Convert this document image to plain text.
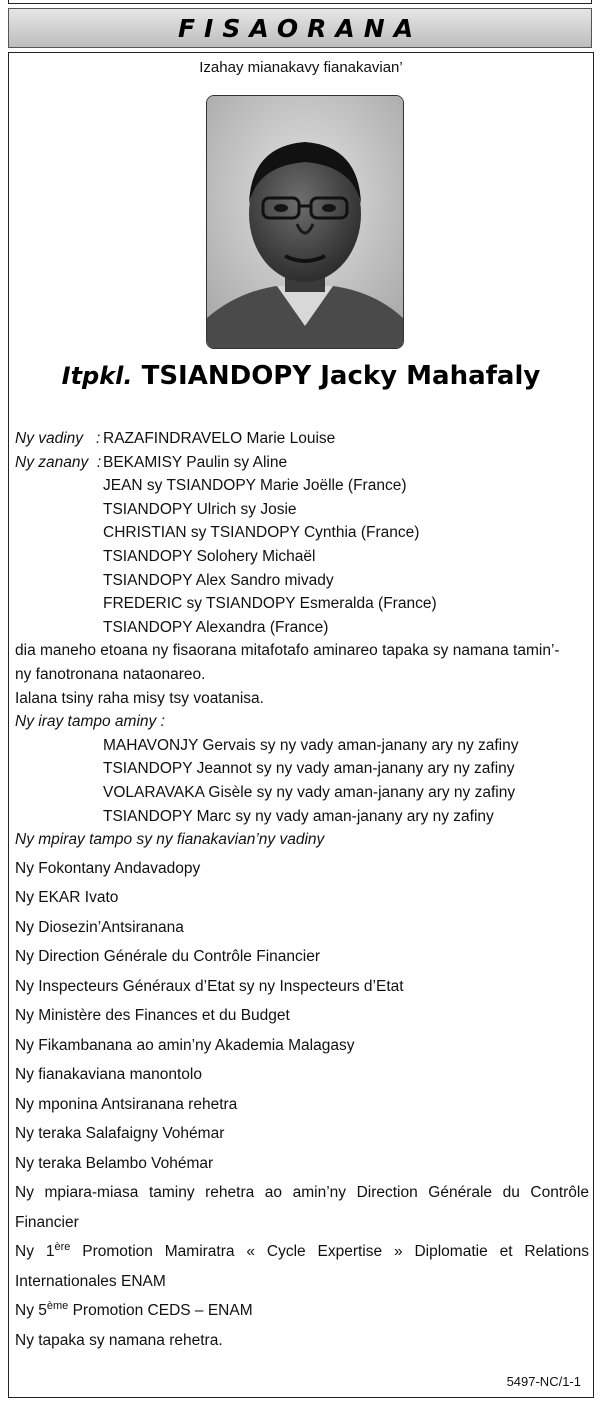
FISAORANA
Izahay mianakavy fianakavian’
Itpkl. TSIANDOPY Jacky Mahafaly
Ny vadiny   : RAZAFINDRAVELO Marie Louise
Ny zanany  : BEKAMISY Paulin sy Aline
JEAN sy TSIANDOPY Marie Joëlle (France)
TSIANDOPY Ulrich sy Josie
CHRISTIAN sy TSIANDOPY Cynthia (France)
TSIANDOPY Solohery Michaël
TSIANDOPY Alex Sandro mivady
FREDERIC sy TSIANDOPY Esmeralda (France)
TSIANDOPY Alexandra (France)
dia maneho etoana ny fisaorana mitafotafo aminareo tapaka sy namana tamin’-
ny fanotronana nataonareo.
Ialana tsiny raha misy tsy voatanisa.
Ny iray tampo aminy :
MAHAVONJY Gervais sy ny vady aman-janany ary ny zafiny
TSIANDOPY Jeannot sy ny vady aman-janany ary ny zafiny
VOLARAVAKA Gisèle sy ny vady aman-janany ary ny zafiny
TSIANDOPY Marc sy ny vady aman-janany ary ny zafiny
Ny mpiray tampo sy ny fianakavian’ny vadiny
Ny Fokontany Andavadopy
Ny EKAR Ivato
Ny Diosezin’Antsiranana
Ny Direction Générale du Contrôle Financier
Ny Inspecteurs Généraux d’Etat sy ny Inspecteurs d’Etat
Ny Ministère des Finances et du Budget
Ny Fikambanana ao amin’ny Akademia Malagasy
Ny fianakaviana manontolo
Ny mponina Antsiranana rehetra
Ny teraka Salafaigny Vohémar
Ny teraka Belambo Vohémar
Ny mpiara-miasa taminy rehetra ao amin’ny Direction Générale du Contrôle Financier
Ny 1ère Promotion Mamiratra « Cycle Expertise » Diplomatie et Relations Internationales ENAM
Ny 5ème Promotion CEDS – ENAM
Ny tapaka sy namana rehetra.
5497-NC/1-1
